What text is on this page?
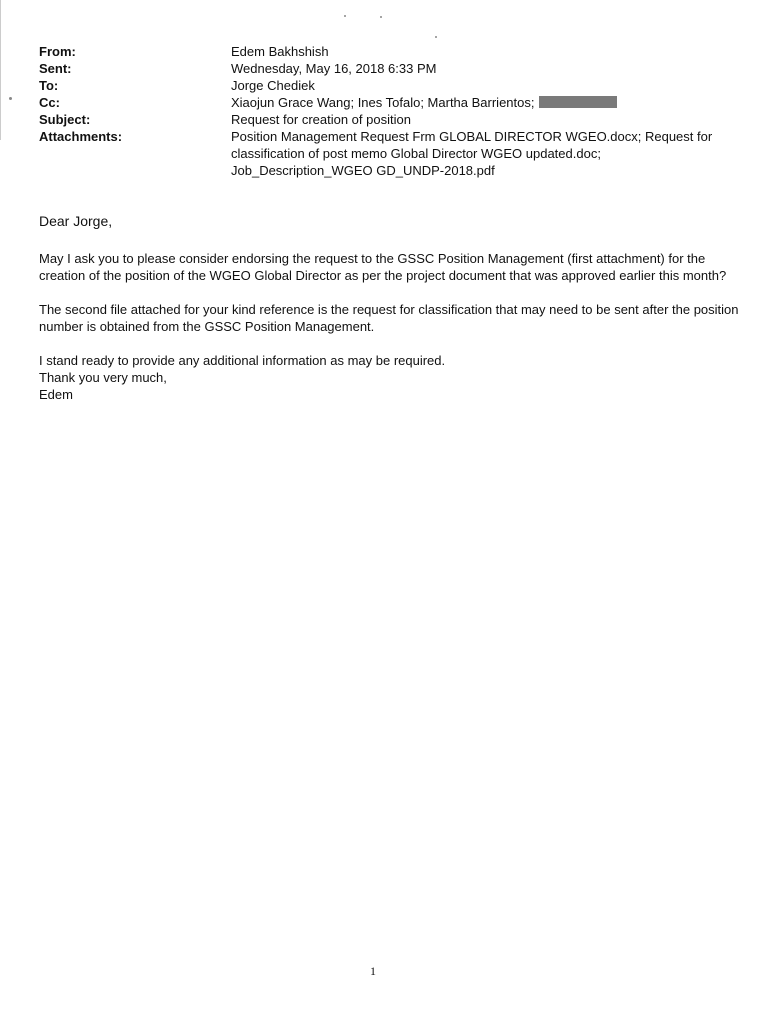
From:	Edem Bakhshish
Sent:	Wednesday, May 16, 2018 6:33 PM
To:	Jorge Chediek
Cc:	Xiaojun Grace Wang; Ines Tofalo; Martha Barrientos;
Subject:	Request for creation of position
Attachments:	Position Management Request Frm GLOBAL DIRECTOR WGEO.docx; Request for classification of post memo Global Director WGEO updated.doc; Job_Description_WGEO GD_UNDP-2018.pdf

Dear Jorge,

May I ask you to please consider endorsing the request to the GSSC Position Management (first attachment) for the creation of the position of the WGEO Global Director as per the project document that was approved earlier this month?

The second file attached for your kind reference is the request for classification that may need to be sent after the position number is obtained from the GSSC Position Management.

I stand ready to provide any additional information as may be required.

Thank you very much,

Edem

1
